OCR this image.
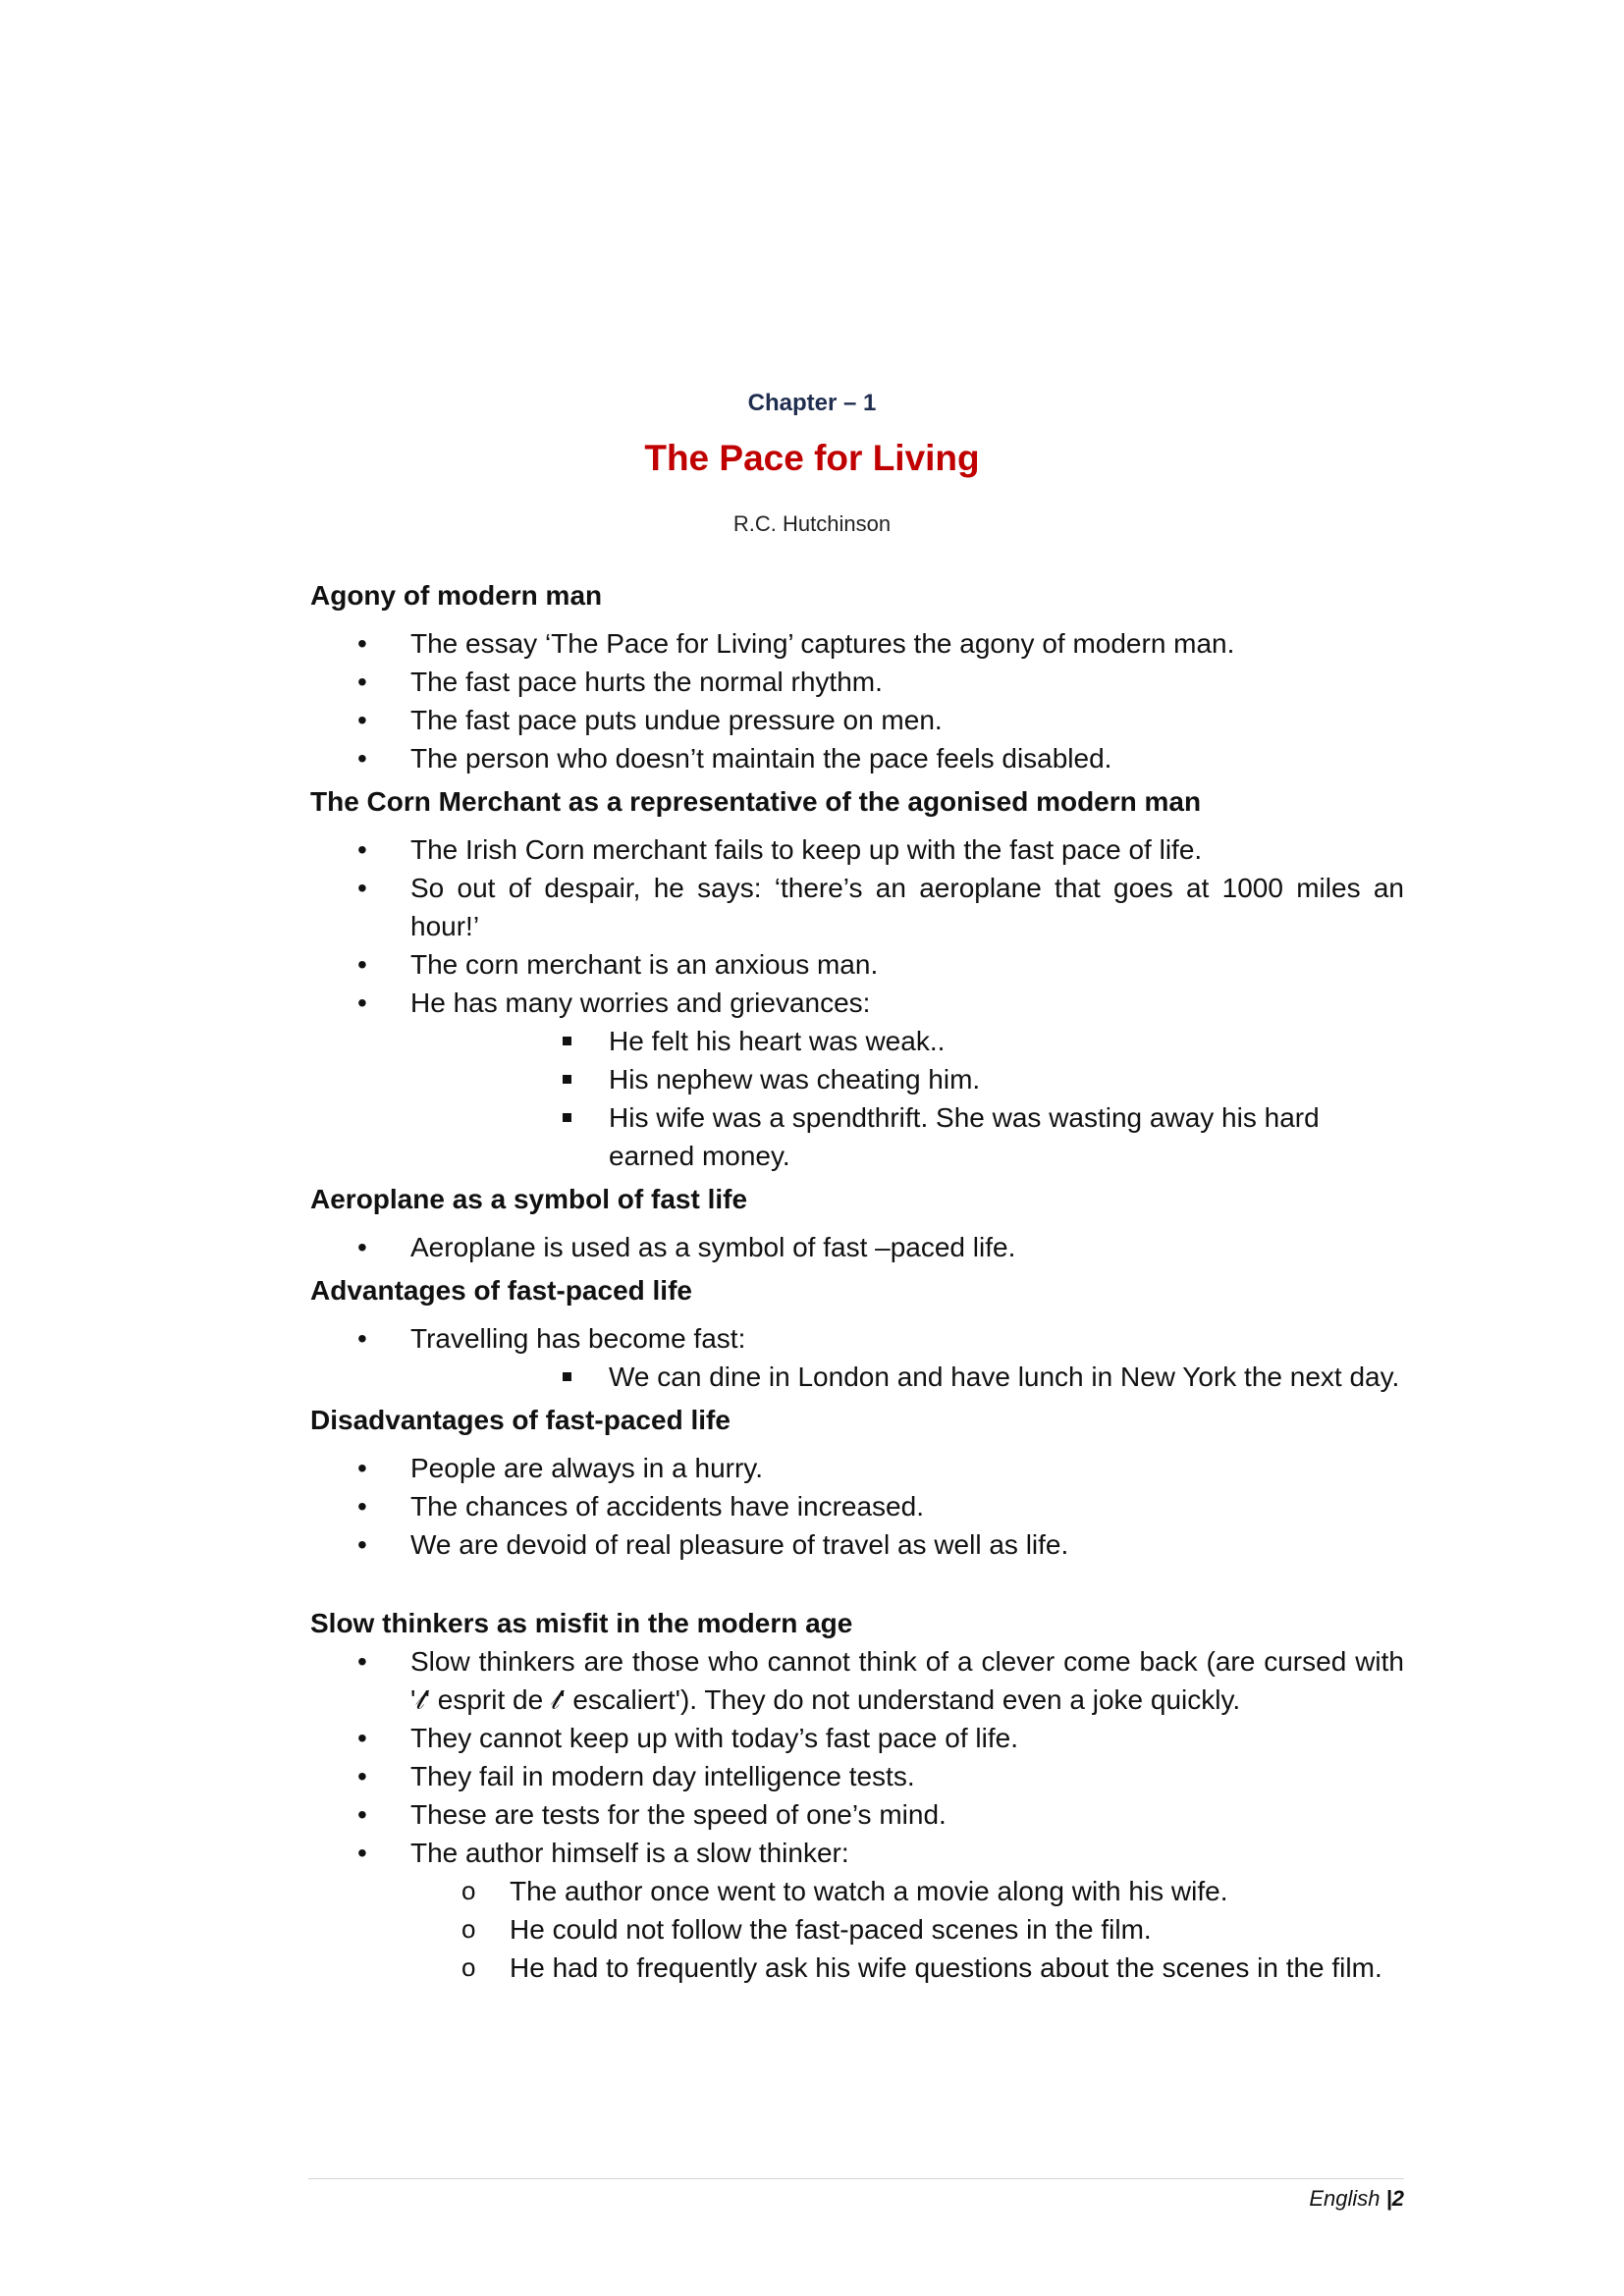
Chapter – 1
The Pace for Living
R.C. Hutchinson
Agony of modern man
• The essay ‘The Pace for Living’ captures the agony of modern man.
• The fast pace hurts the normal rhythm.
• The fast pace puts undue pressure on men.
• The person who doesn’t maintain the pace feels disabled.
The Corn Merchant as a representative of the agonised modern man
• The Irish Corn merchant fails to keep up with the fast pace of life.
• So out of despair, he says: ‘there’s an aeroplane that goes at 1000 miles an hour!’
• The corn merchant is an anxious man.
• He has many worries and grievances:
He felt his heart was weak..
His nephew was cheating him.
His wife was a spendthrift. She was wasting away his hard earned money.
Aeroplane as a symbol of fast life
• Aeroplane is used as a symbol of fast –paced life.
Advantages of fast-paced life
• Travelling has become fast:
We can dine in London and have lunch in New York the next day.
Disadvantages of fast-paced life
• People are always in a hurry.
• The chances of accidents have increased.
• We are devoid of real pleasure of travel as well as life.
Slow thinkers as misfit in the modern age
• Slow thinkers are those who cannot think of a clever come back (are cursed with '𝓁' esprit de 𝓁' escaliert'). They do not understand even a joke quickly.
• They cannot keep up with today’s fast pace of life.
• They fail in modern day intelligence tests.
• These are tests for the speed of one’s mind.
• The author himself is a slow thinker:
o The author once went to watch a movie along with his wife.
o He could not follow the fast-paced scenes in the film.
o He had to frequently ask his wife questions about the scenes in the film.
English |2
